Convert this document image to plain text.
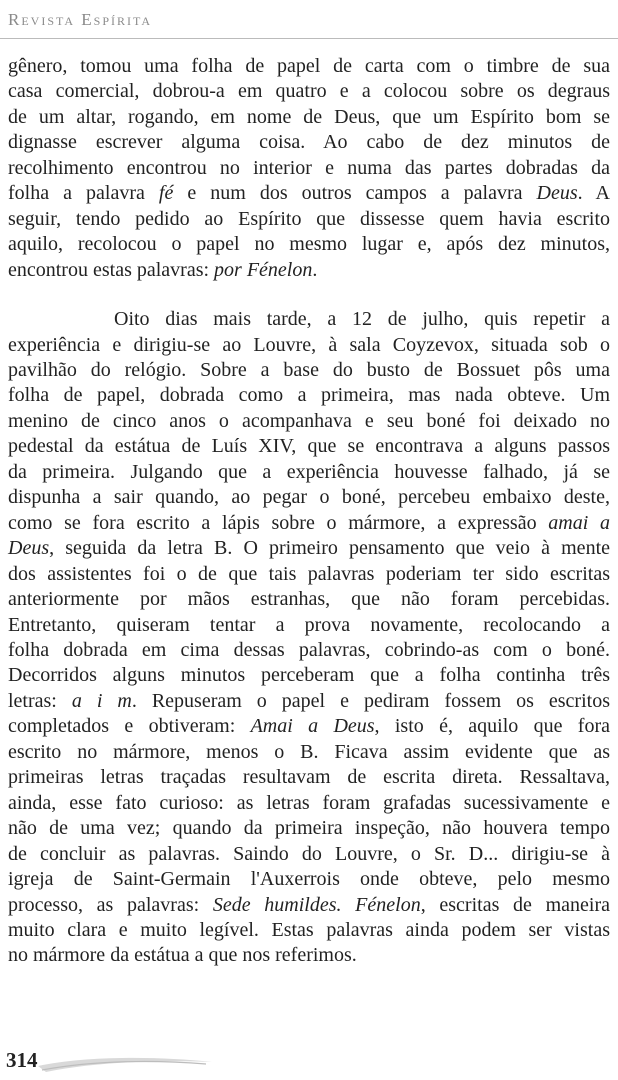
Revista Espírita
gênero, tomou uma folha de papel de carta com o timbre de sua
casa comercial, dobrou-a em quatro e a colocou sobre os degraus
de um altar, rogando, em nome de Deus, que um Espírito bom se
dignasse escrever alguma coisa. Ao cabo de dez minutos de
recolhimento encontrou no interior e numa das partes dobradas da
folha a palavra fé e num dos outros campos a palavra Deus. A
seguir, tendo pedido ao Espírito que dissesse quem havia escrito
aquilo, recolocou o papel no mesmo lugar e, após dez minutos,
encontrou estas palavras: por Fénelon.
Oito dias mais tarde, a 12 de julho, quis repetir a
experiência e dirigiu-se ao Louvre, à sala Coyzevox, situada sob o
pavilhão do relógio. Sobre a base do busto de Bossuet pôs uma
folha de papel, dobrada como a primeira, mas nada obteve. Um
menino de cinco anos o acompanhava e seu boné foi deixado no
pedestal da estátua de Luís XIV, que se encontrava a alguns passos
da primeira. Julgando que a experiência houvesse falhado, já se
dispunha a sair quando, ao pegar o boné, percebeu embaixo deste,
como se fora escrito a lápis sobre o mármore, a expressão amai a
Deus, seguida da letra B. O primeiro pensamento que veio à mente
dos assistentes foi o de que tais palavras poderiam ter sido escritas
anteriormente por mãos estranhas, que não foram percebidas.
Entretanto, quiseram tentar a prova novamente, recolocando a
folha dobrada em cima dessas palavras, cobrindo-as com o boné.
Decorridos alguns minutos perceberam que a folha continha três
letras: a i m. Repuseram o papel e pediram fossem os escritos
completados e obtiveram: Amai a Deus, isto é, aquilo que fora
escrito no mármore, menos o B. Ficava assim evidente que as
primeiras letras traçadas resultavam de escrita direta. Ressaltava,
ainda, esse fato curioso: as letras foram grafadas sucessivamente e
não de uma vez; quando da primeira inspeção, não houvera tempo
de concluir as palavras. Saindo do Louvre, o Sr. D... dirigiu-se à
igreja de Saint-Germain l'Auxerrois onde obteve, pelo mesmo
processo, as palavras: Sede humildes. Fénelon, escritas de maneira
muito clara e muito legível. Estas palavras ainda podem ser vistas
no mármore da estátua a que nos referimos.
314
